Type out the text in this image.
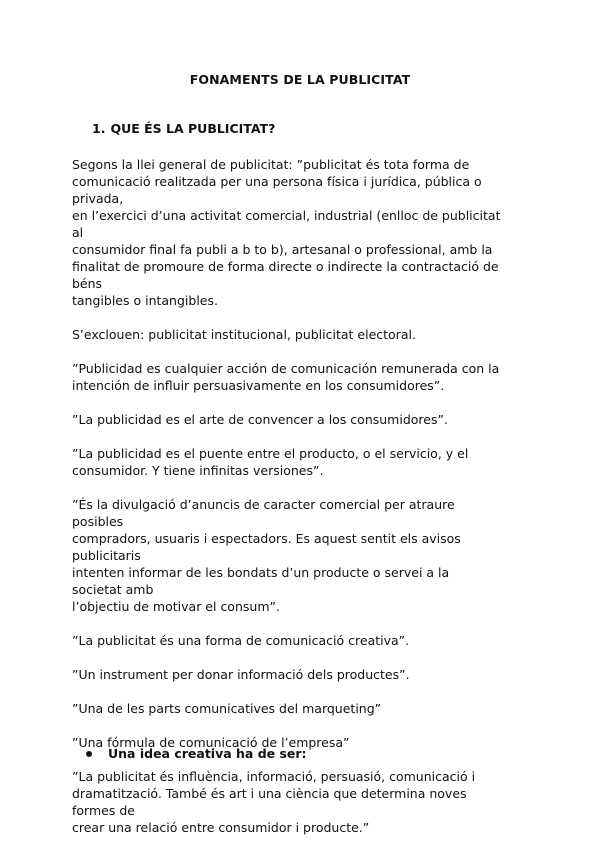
FONAMENTS DE LA PUBLICITAT
1. QUE ÉS LA PUBLICITAT?

Segons la llei general de publicitat: ”publicitat és tota forma de
comunicació realitzada per una persona física i jurídica, pública o privada,
en l’exercici d’una activitat comercial, industrial (enlloc de publicitat al
consumidor final fa publi a b to b), artesanal o professional, amb la
finalitat de promoure de forma directe o indirecte la contractació de béns
tangibles o intangibles.

S’exclouen: publicitat institucional, publicitat electoral.

”Publicidad es cualquier acción de comunicación remunerada con la
intención de influir persuasivamente en los consumidores”.

”La publicidad es el arte de convencer a los consumidores”.

”La publicidad es el puente entre el producto, o el servicio, y el
consumidor. Y tiene infinitas versiones”.

”És la divulgació d’anuncis de caracter comercial per atraure posibles
compradors, usuaris i espectadors. Es aquest sentit els avisos publicitaris
intenten informar de les bondats d’un producte o servei a la societat amb
l’objectiu de motivar el consum”.

”La publicitat és una forma de comunicació creativa”.

”Un instrument per donar informació dels productes”.

”Una de les parts comunicatives del marqueting”

”Una fórmula de comunicació de l’empresa”

”La publicitat és influència, informació, persuasió, comunicació i
dramatització. També és art i una ciència que determina noves formes de
crear una relació entre consumidor i producte.”

Una idea creativa ha de ser:
